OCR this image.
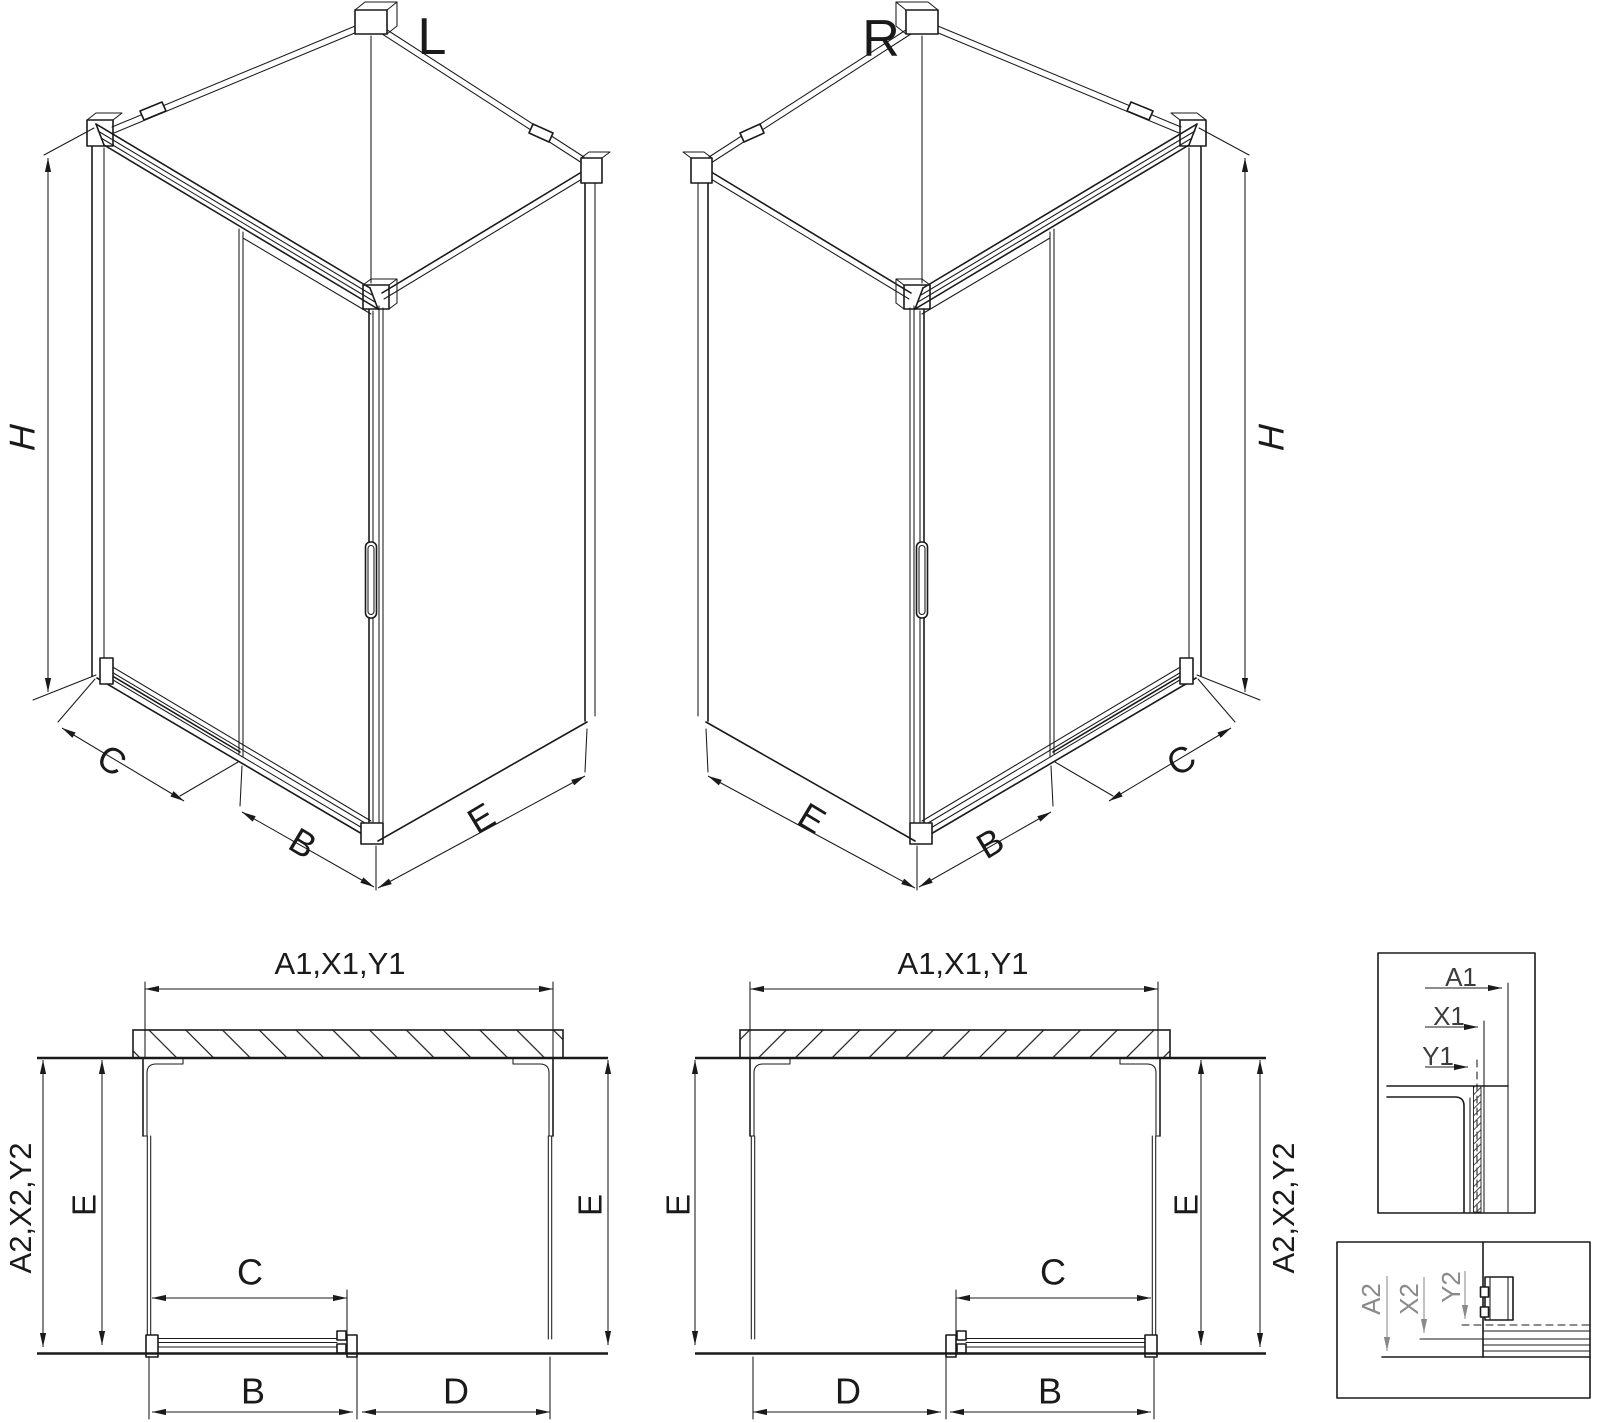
L
H
C
B
E
R
H
C
B
E
A1,X1,Y1
A2,X2,Y2 E	E
C
B	D
A1,X1,Y1
A2,X2,Y2
E	E
C
B
D
A1
X1
Y1
A2 X2 Y2
